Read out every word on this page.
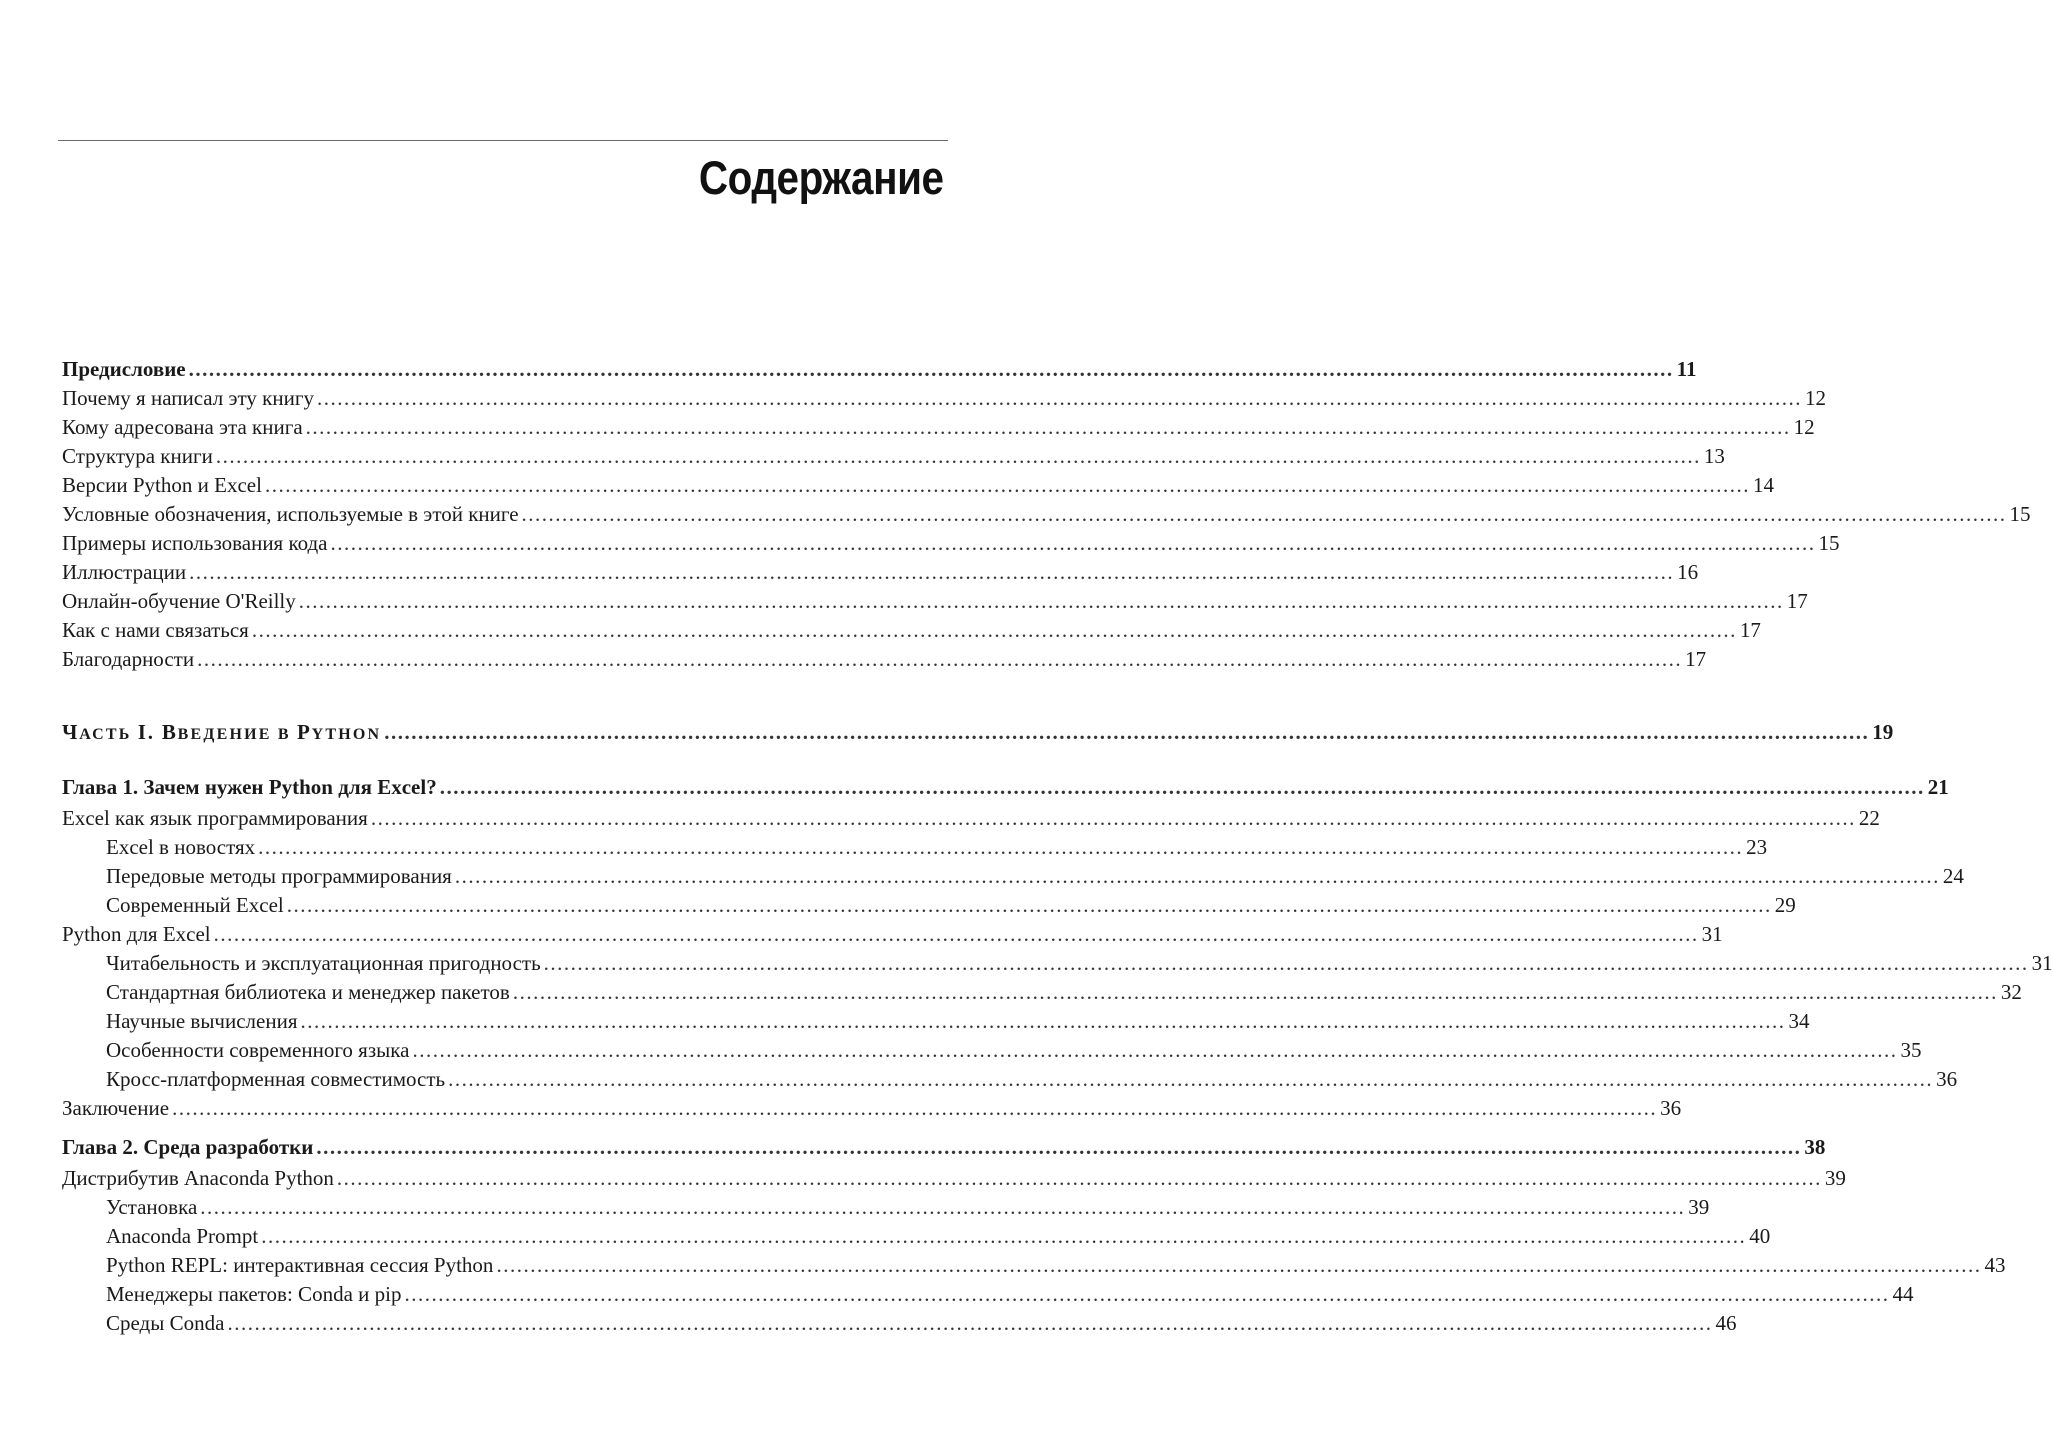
Содержание
Предисловие ............................................................................................................................................................................................................................ 11
Почему я написал эту книгу ............................................................................................................................................................................................................................ 12
Кому адресована эта книга ............................................................................................................................................................................................................................ 12
Структура книги ............................................................................................................................................................................................................................ 13
Версии Python и Excel ............................................................................................................................................................................................................................ 14
Условные обозначения, используемые в этой книге ............................................................................................................................................................................................................................ 15
Примеры использования кода ............................................................................................................................................................................................................................ 15
Иллюстрации ............................................................................................................................................................................................................................ 16
Онлайн-обучение O'Reilly ............................................................................................................................................................................................................................ 17
Как с нами связаться ............................................................................................................................................................................................................................ 17
Благодарности ............................................................................................................................................................................................................................ 17
ЧАСТЬ I. ВВЕДЕНИЕ В PYTHON ............................................................................................................................................................................................................................ 19
Глава 1. Зачем нужен Python для Excel? ............................................................................................................................................................................................................................ 21
Excel как язык программирования ............................................................................................................................................................................................................................ 22
Excel в новостях ............................................................................................................................................................................................................................ 23
Передовые методы программирования ............................................................................................................................................................................................................................ 24
Современный Excel ............................................................................................................................................................................................................................ 29
Python для Excel ............................................................................................................................................................................................................................ 31
Читабельность и эксплуатационная пригодность ............................................................................................................................................................................................................................ 31
Стандартная библиотека и менеджер пакетов ............................................................................................................................................................................................................................ 32
Научные вычисления ............................................................................................................................................................................................................................ 34
Особенности современного языка ............................................................................................................................................................................................................................ 35
Кросс-платформенная совместимость ............................................................................................................................................................................................................................ 36
Заключение ............................................................................................................................................................................................................................ 36
Глава 2. Среда разработки ............................................................................................................................................................................................................................ 38
Дистрибутив Anaconda Python ............................................................................................................................................................................................................................ 39
Установка ............................................................................................................................................................................................................................ 39
Anaconda Prompt ............................................................................................................................................................................................................................ 40
Python REPL: интерактивная сессия Python ............................................................................................................................................................................................................................ 43
Менеджеры пакетов: Conda и pip ............................................................................................................................................................................................................................ 44
Среды Conda ............................................................................................................................................................................................................................ 46
